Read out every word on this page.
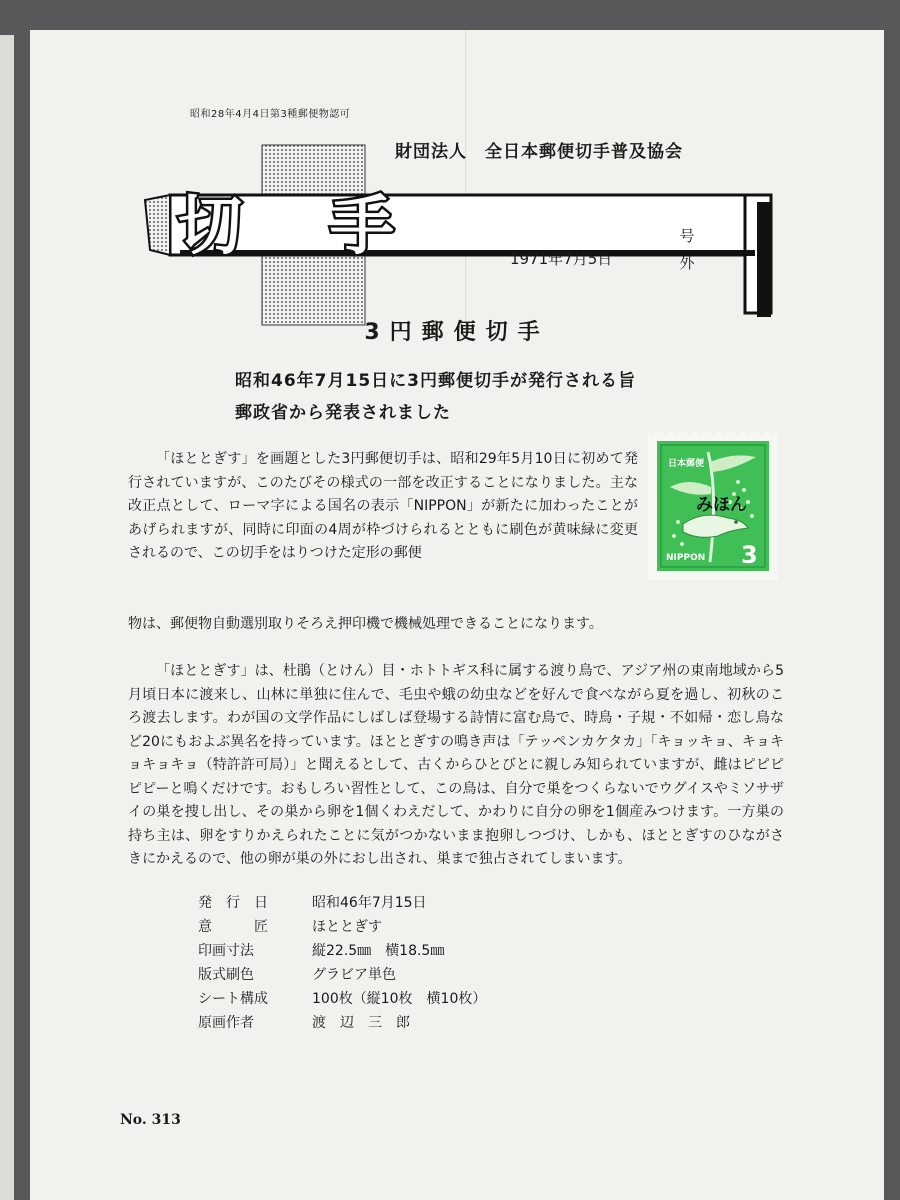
昭和28年4月4日第3種郵便物認可
財団法人　全日本郵便切手普及協会
切　手	1971年7月5日
号外
3円郵便切手
昭和46年7月15日に3円郵便切手が発行される旨
郵政省から発表されました
「ほととぎす」を画題とした3円郵便切手は、昭和29年5月10日に初めて発行されていますが、このたびその様式の一部を改正することになりました。主な改正点として、ローマ字による国名の表示「NIPPON」が新たに加わったことがあげられますが、同時に印面の4周が枠づけられるとともに刷色が黄味緑に変更されるので、この切手をはりつけた定形の郵便
物は、郵便物自動選別取りそろえ押印機で機械処理できることになります。
日本郵便
NIPPON 3
みほん
「ほととぎす」は、杜鵑（とけん）目・ホトトギス科に属する渡り鳥で、アジア州の東南地域から5月頃日本に渡来し、山林に単独に住んで、毛虫や蛾の幼虫などを好んで食べながら夏を過し、初秋のころ渡去します。わが国の文学作品にしばしば登場する詩情に富む鳥で、時鳥・子規・不如帰・恋し鳥など20にもおよぶ異名を持っています。ほととぎすの鳴き声は「テッペンカケタカ」「キョッキョ、キョキョキョキョ（特許許可局）」と聞えるとして、古くからひとびとに親しみ知られていますが、雌はピピピピピーと鳴くだけです。おもしろい習性として、この鳥は、自分で巣をつくらないでウグイスやミソサザイの巣を捜し出し、その巣から卵を1個くわえだして、かわりに自分の卵を1個産みつけます。一方巣の持ち主は、卵をすりかえられたことに気がつかないまま抱卵しつづけ、しかも、ほととぎすのひながさきにかえるので、他の卵が巣の外におし出され、巣まで独占されてしまいます。
発　行　日	昭和46年7月15日
意　　　匠	ほととぎす
印画寸法	縦22.5㎜　横18.5㎜
版式刷色	グラビア単色
シート構成	100枚（縦10枚　横10枚）
原画作者	渡　辺　三　郎
No. 313
